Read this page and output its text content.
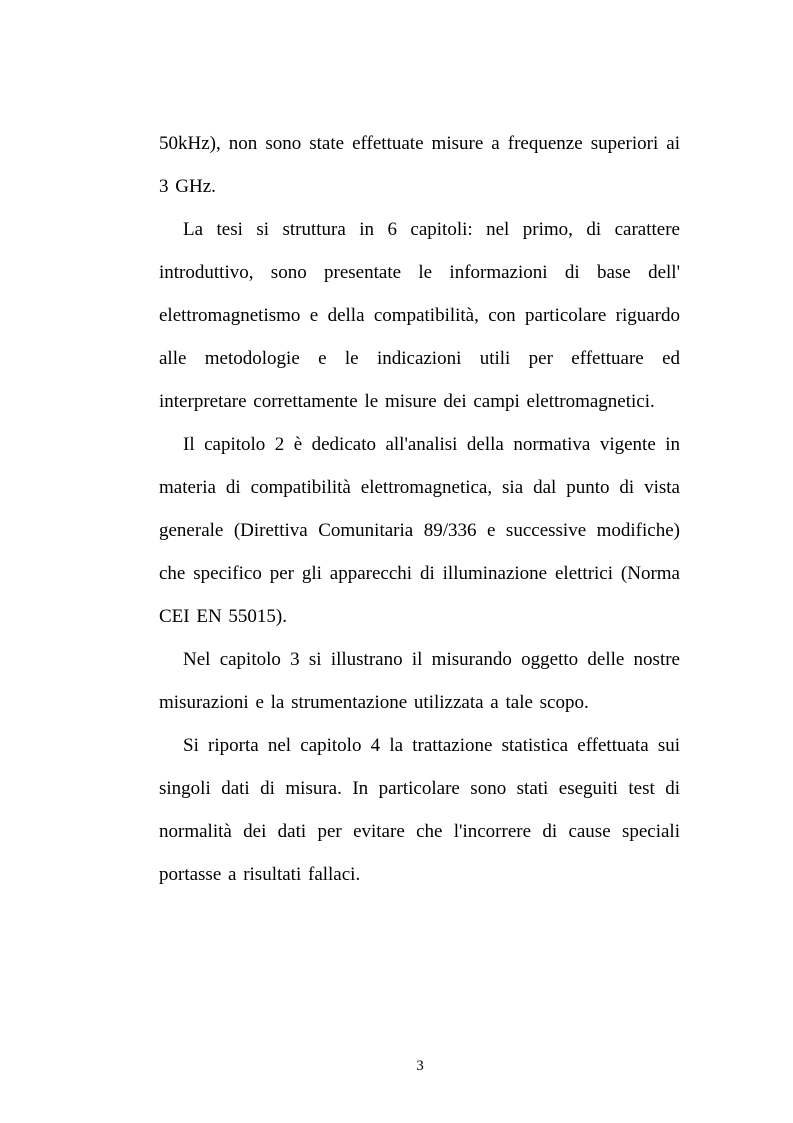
50kHz), non sono state effettuate misure a frequenze superiori ai 3 GHz.

La tesi si struttura in 6 capitoli: nel primo, di carattere introduttivo, sono presentate le informazioni di base dell' elettromagnetismo e della compatibilità, con particolare riguardo alle metodologie e le indicazioni utili per effettuare ed interpretare correttamente le misure dei campi elettromagnetici.

Il capitolo 2 è dedicato all'analisi della normativa vigente in materia di compatibilità elettromagnetica, sia dal punto di vista generale (Direttiva Comunitaria 89/336 e successive modifiche) che specifico per gli apparecchi di illuminazione elettrici (Norma CEI EN 55015).

Nel capitolo 3 si illustrano il misurando oggetto delle nostre misurazioni e la strumentazione utilizzata a tale scopo.

Si riporta nel capitolo 4 la trattazione statistica effettuata sui singoli dati di misura. In particolare sono stati eseguiti test di normalità dei dati per evitare che l'incorrere di cause speciali portasse a risultati fallaci.

3
